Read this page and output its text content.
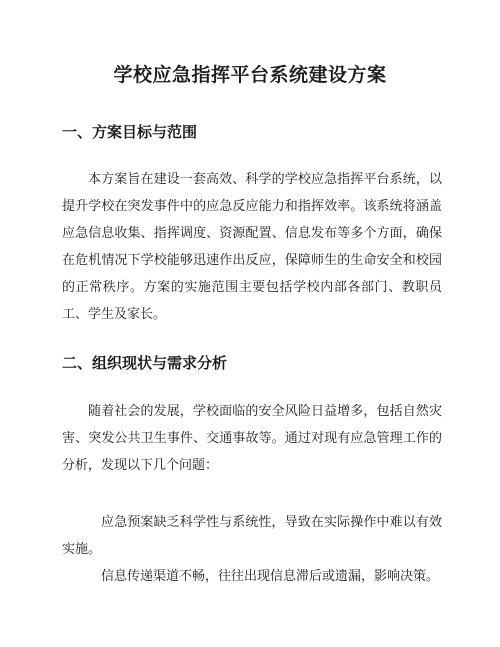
学校应急指挥平台系统建设方案
一、方案目标与范围

本方案旨在建设一套高效、科学的学校应急指挥平台系统，以提升学校在突发事件中的应急反应能力和指挥效率。该系统将涵盖应急信息收集、指挥调度、资源配置、信息发布等多个方面，确保在危机情况下学校能够迅速作出反应，保障师生的生命安全和校园的正常秩序。方案的实施范围主要包括学校内部各部门、教职员工、学生及家长。

二、组织现状与需求分析

随着社会的发展，学校面临的安全风险日益增多，包括自然灾害、突发公共卫生事件、交通事故等。通过对现有应急管理工作的分析，发现以下几个问题：

应急预案缺乏科学性与系统性，导致在实际操作中难以有效实施。

信息传递渠道不畅，往往出现信息滞后或遗漏，影响决策。
